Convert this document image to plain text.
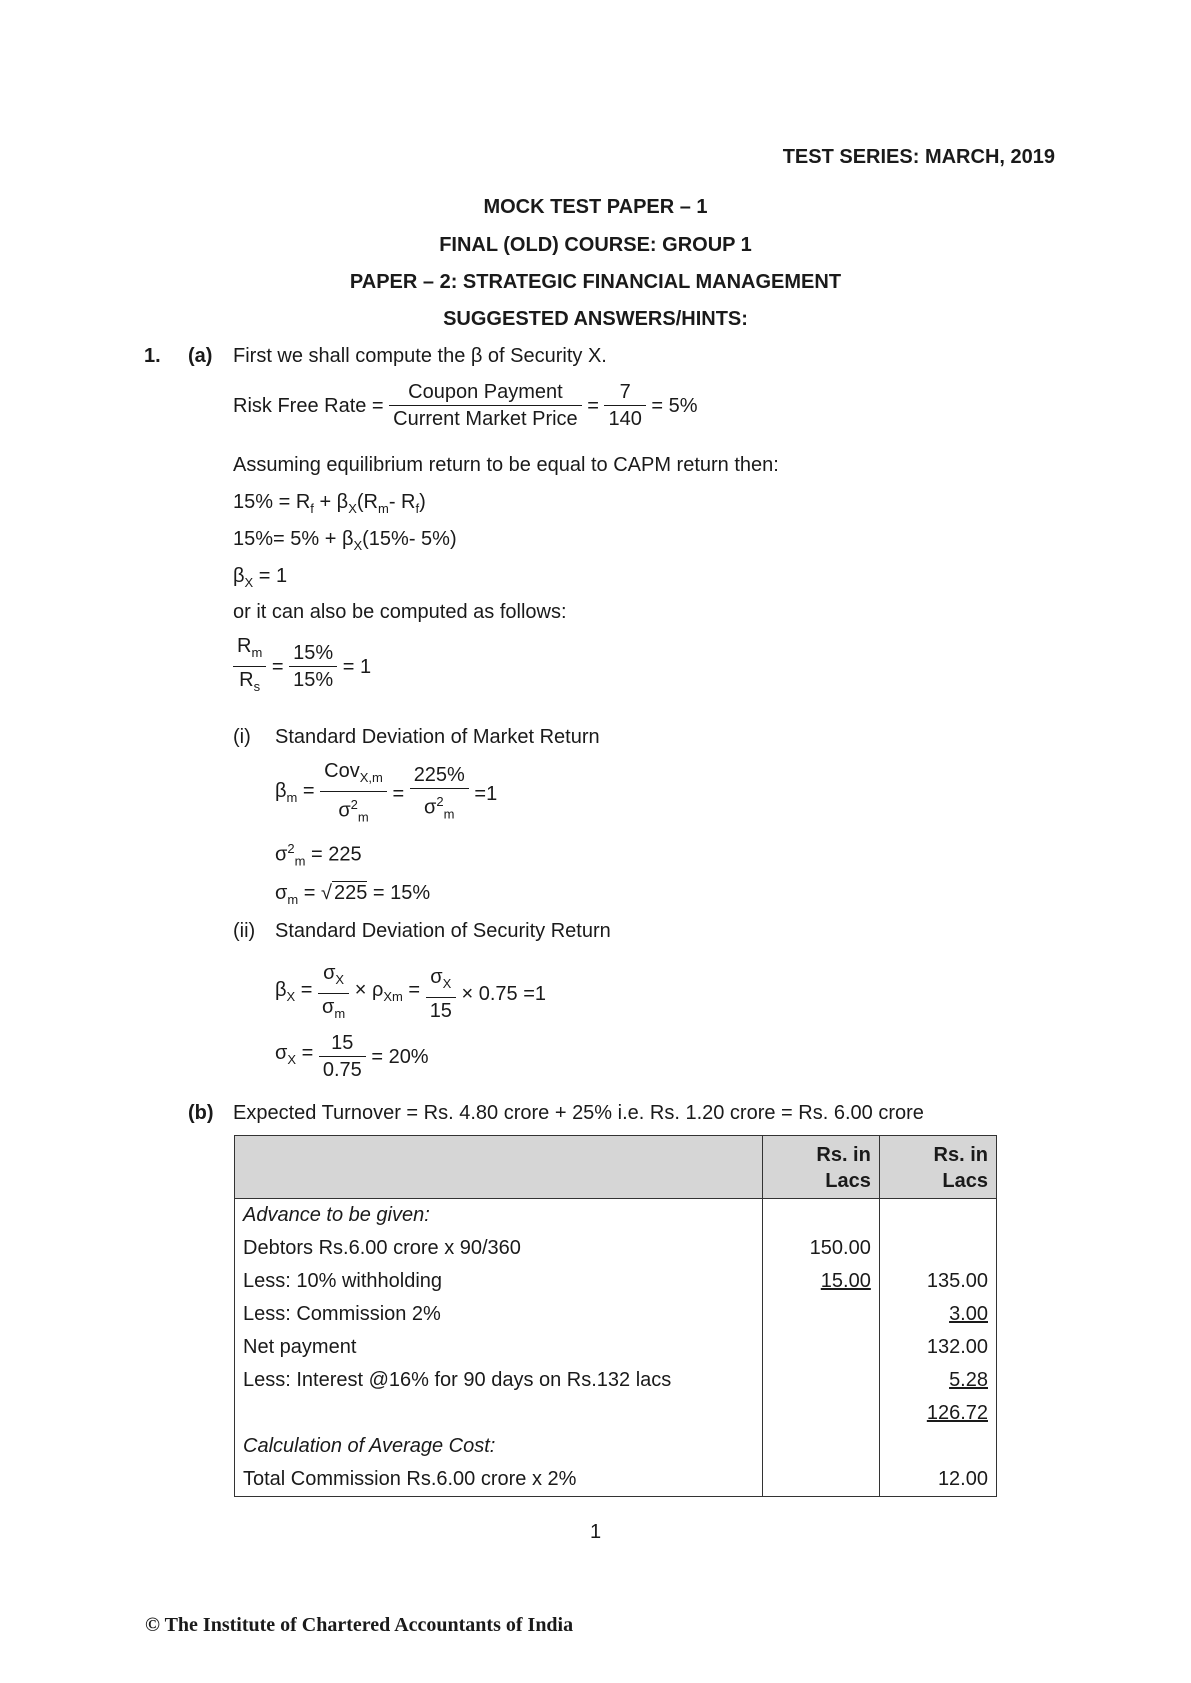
TEST SERIES: MARCH, 2019
MOCK TEST PAPER – 1
FINAL (OLD) COURSE: GROUP 1
PAPER – 2: STRATEGIC FINANCIAL MANAGEMENT
SUGGESTED ANSWERS/HINTS:
1. (a) First we shall compute the β of Security X.
Risk Free Rate = $\frac{\text{Coupon Payment}}{\text{Current Market Price}} = \frac{7}{140} = 5\%$
Assuming equilibrium return to be equal to CAPM return then:
$15\% = R_f + \beta_X(R_m-$ $R_f$)
$15\%= 5\% + \beta_X(15\%-$ 5%)
$\beta_X = 1$
or it can also be computed as follows:
$\frac{R_m}{R_s} = \frac{15\%}{15\%} = 1$
(i) Standard Deviation of Market Return
$\beta_m = \frac{Cov_{X,m}}{\sigma^2_m} = \frac{225\%}{\sigma^2_m} =1$
$\sigma^2_m = 225$
$\sigma_m$ = √ 225 = 15%
(ii) Standard Deviation of Security Return
$\beta_X = \frac{\sigma_X}{\sigma_m} \times \rho_{Xm} = \frac{\sigma_X}{15} \times 0.75 =1$
$\sigma_X = \frac{15}{0.75} = 20\%$
(b) Expected Turnover = Rs. 4.80 crore + 25% i.e. Rs. 1.20 crore = Rs. 6.00 crore
	Rs. in Lacs	Rs. in Lacs
Advance to be given:		
Debtors Rs.6.00 crore x 90/360	150.00	
Less: 10% withholding	15.00	135.00
Less: Commission 2%		3.00
Net payment		132.00
Less: Interest @16% for 90 days on Rs.132 lacs		5.28
		126.72
Calculation of Average Cost:		
Total Commission Rs.6.00 crore x 2%		12.00
1
© The Institute of Chartered Accountants of India
